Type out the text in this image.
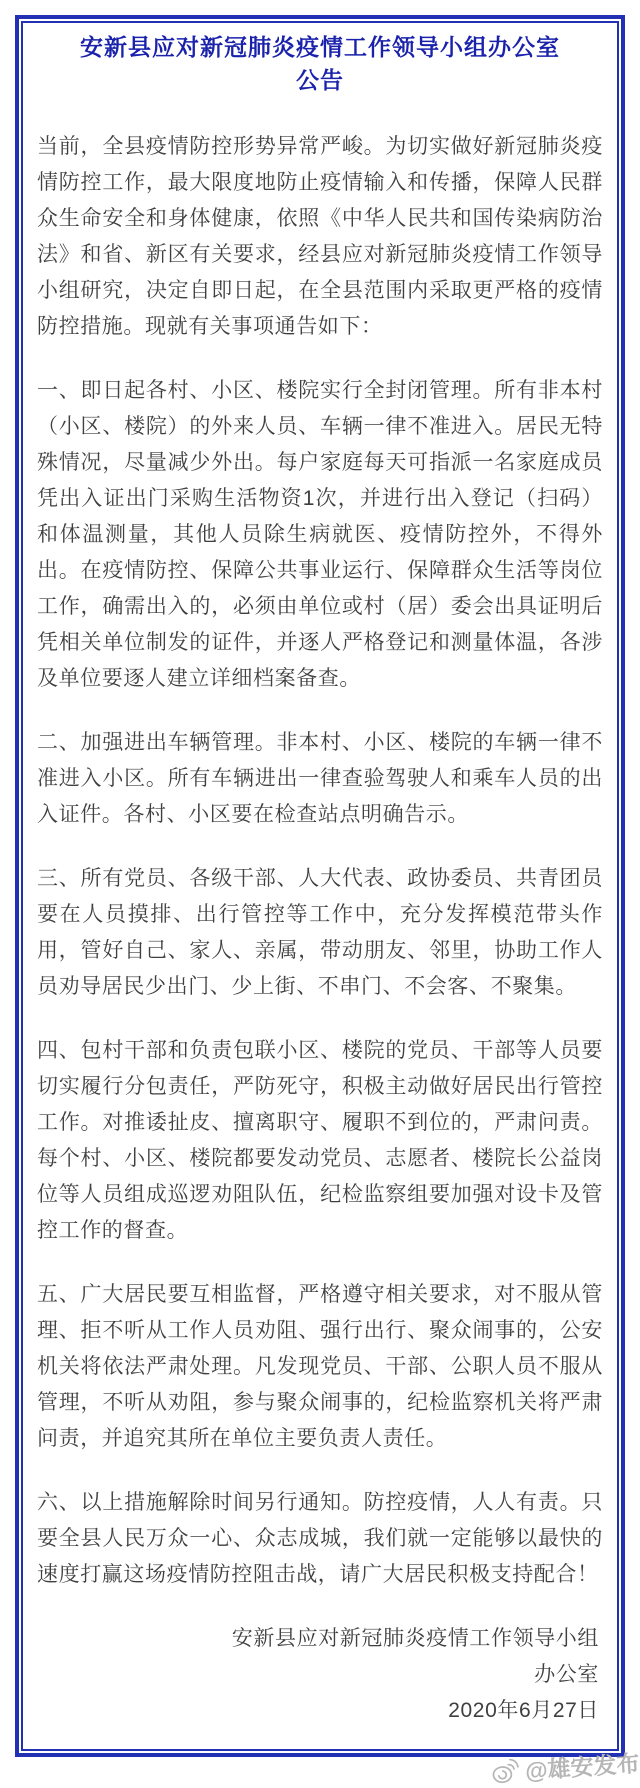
安新县应对新冠肺炎疫情工作领导小组办公室
公告

当前，全县疫情防控形势异常严峻。为切实做好新冠肺炎疫情防控工作，最大限度地防止疫情输入和传播，保障人民群众生命安全和身体健康，依照《中华人民共和国传染病防治法》和省、新区有关要求，经县应对新冠肺炎疫情工作领导小组研究，决定自即日起，在全县范围内采取更严格的疫情防控措施。现就有关事项通告如下：

一、即日起各村、小区、楼院实行全封闭管理。所有非本村（小区、楼院）的外来人员、车辆一律不准进入。居民无特殊情况，尽量减少外出。每户家庭每天可指派一名家庭成员凭出入证出门采购生活物资1次，并进行出入登记（扫码）和体温测量，其他人员除生病就医、疫情防控外，不得外出。在疫情防控、保障公共事业运行、保障群众生活等岗位工作，确需出入的，必须由单位或村（居）委会出具证明后凭相关单位制发的证件，并逐人严格登记和测量体温，各涉及单位要逐人建立详细档案备查。

二、加强进出车辆管理。非本村、小区、楼院的车辆一律不准进入小区。所有车辆进出一律查验驾驶人和乘车人员的出入证件。各村、小区要在检查站点明确告示。

三、所有党员、各级干部、人大代表、政协委员、共青团员要在人员摸排、出行管控等工作中，充分发挥模范带头作用，管好自己、家人、亲属，带动朋友、邻里，协助工作人员劝导居民少出门、少上街、不串门、不会客、不聚集。

四、包村干部和负责包联小区、楼院的党员、干部等人员要切实履行分包责任，严防死守，积极主动做好居民出行管控工作。对推诿扯皮、擅离职守、履职不到位的，严肃问责。每个村、小区、楼院都要发动党员、志愿者、楼院长公益岗位等人员组成巡逻劝阻队伍，纪检监察组要加强对设卡及管控工作的督查。

五、广大居民要互相监督，严格遵守相关要求，对不服从管理、拒不听从工作人员劝阻、强行出行、聚众闹事的，公安机关将依法严肃处理。凡发现党员、干部、公职人员不服从管理，不听从劝阻，参与聚众闹事的，纪检监察机关将严肃问责，并追究其所在单位主要负责人责任。

六、以上措施解除时间另行通知。防控疫情，人人有责。只要全县人民万众一心、众志成城，我们就一定能够以最快的速度打赢这场疫情防控阻击战，请广大居民积极支持配合！

安新县应对新冠肺炎疫情工作领导小组
办公室
2020年6月27日
@雄安发布
